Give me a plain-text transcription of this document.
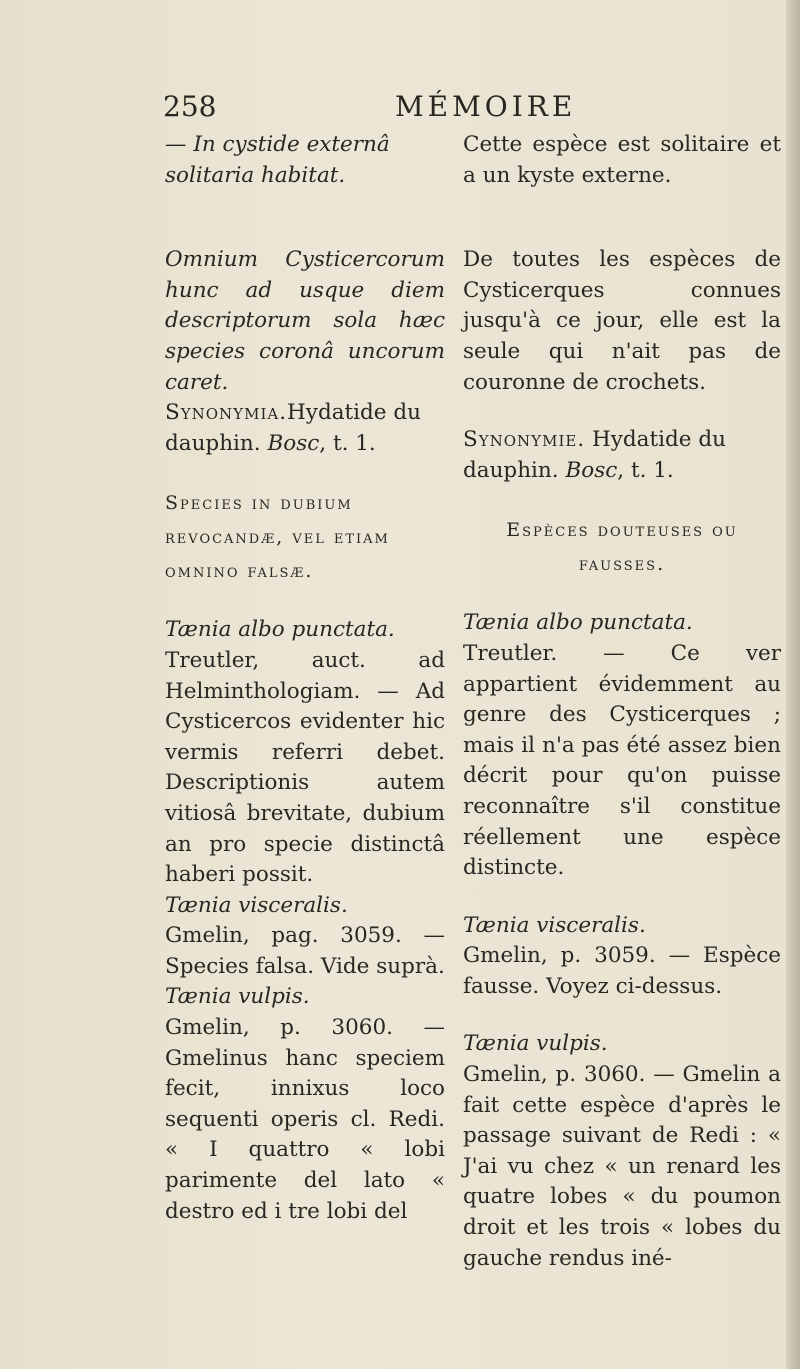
258	MÉMOIRE

— In cystide externâ solitaria habitat.

Omnium Cysticercorum hunc ad usque diem descriptorum sola hæc species coronâ uncorum caret.

Synonymia.Hydatide du dauphin. Bosc, t. 1.

Species in dubium revocandæ, vel etiam omnino falsæ.

Tænia albo punctata.

Treutler, auct. ad Helminthologiam. — Ad Cysticercos evidenter hic vermis referri debet. Descriptionis autem vitiosâ brevitate, dubium an pro specie distinctâ haberi possit.

Tænia visceralis.

Gmelin, pag. 3059. — Species falsa. Vide suprà.

Tænia vulpis.

Gmelin, p. 3060. — Gmelinus hanc speciem fecit, innixus loco sequenti operis cl. Redi. « I quattro « lobi parimente del lato « destro ed i tre lobi del

Cette espèce est solitaire et a un kyste externe.

De toutes les espèces de Cysticerques connues jusqu'à ce jour, elle est la seule qui n'ait pas de couronne de crochets.

Synonymie. Hydatide du dauphin. Bosc, t. 1.

Espèces douteuses ou fausses.

Tænia albo punctata.

Treutler. — Ce ver appartient évidemment au genre des Cysticerques ; mais il n'a pas été assez bien décrit pour qu'on puisse reconnaître s'il constitue réellement une espèce distincte.

Tænia visceralis.

Gmelin, p. 3059. — Espèce fausse. Voyez ci-dessus.

Tænia vulpis.

Gmelin, p. 3060. — Gmelin a fait cette espèce d'après le passage suivant de Redi : « J'ai vu chez « un renard les quatre lobes « du poumon droit et les trois « lobes du gauche rendus iné-
